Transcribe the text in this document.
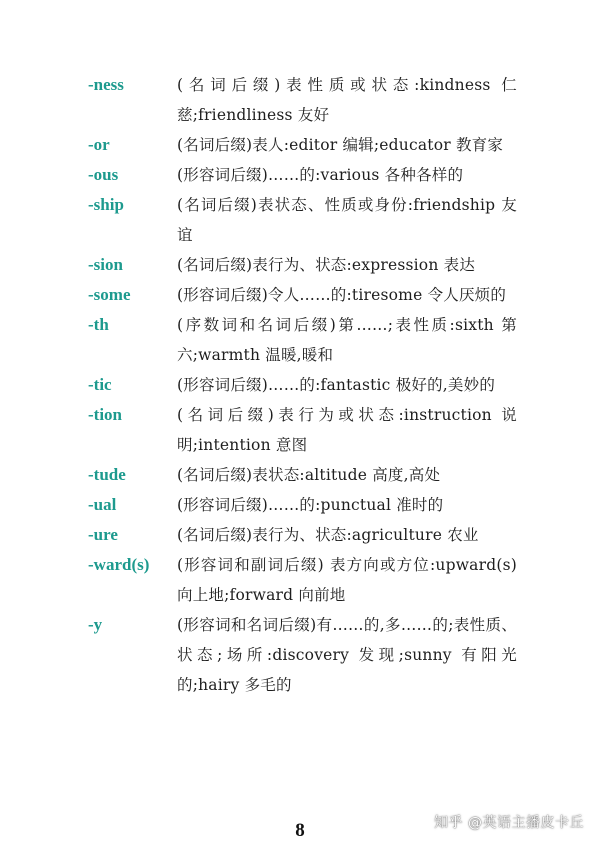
-ness	(名词后缀)表性质或状态:kindness 仁慈;friendliness 友好
-or	(名词后缀)表人:editor 编辑;educator 教育家
-ous	(形容词后缀)……的:various 各种各样的
-ship	(名词后缀)表状态、性质或身份:friendship 友谊
-sion	(名词后缀)表行为、状态:expression 表达
-some	(形容词后缀)令人……的:tiresome 令人厌烦的
-th	(序数词和名词后缀)第……;表性质:sixth 第六;warmth 温暖,暖和
-tic	(形容词后缀)……的:fantastic 极好的,美妙的
-tion	(名词后缀)表行为或状态:instruction 说明;intention 意图
-tude	(名词后缀)表状态:altitude 高度,高处
-ual	(形容词后缀)……的:punctual 准时的
-ure	(名词后缀)表行为、状态:agriculture 农业
-ward(s) (形容词和副词后缀) 表方向或方位:upward(s) 向上地;forward 向前地
-y	(形容词和名词后缀)有……的,多……的;表性质、状态;场所:discovery 发现;sunny 有阳光的;hairy 多毛的
8	知乎 @英语主播皮卡丘
